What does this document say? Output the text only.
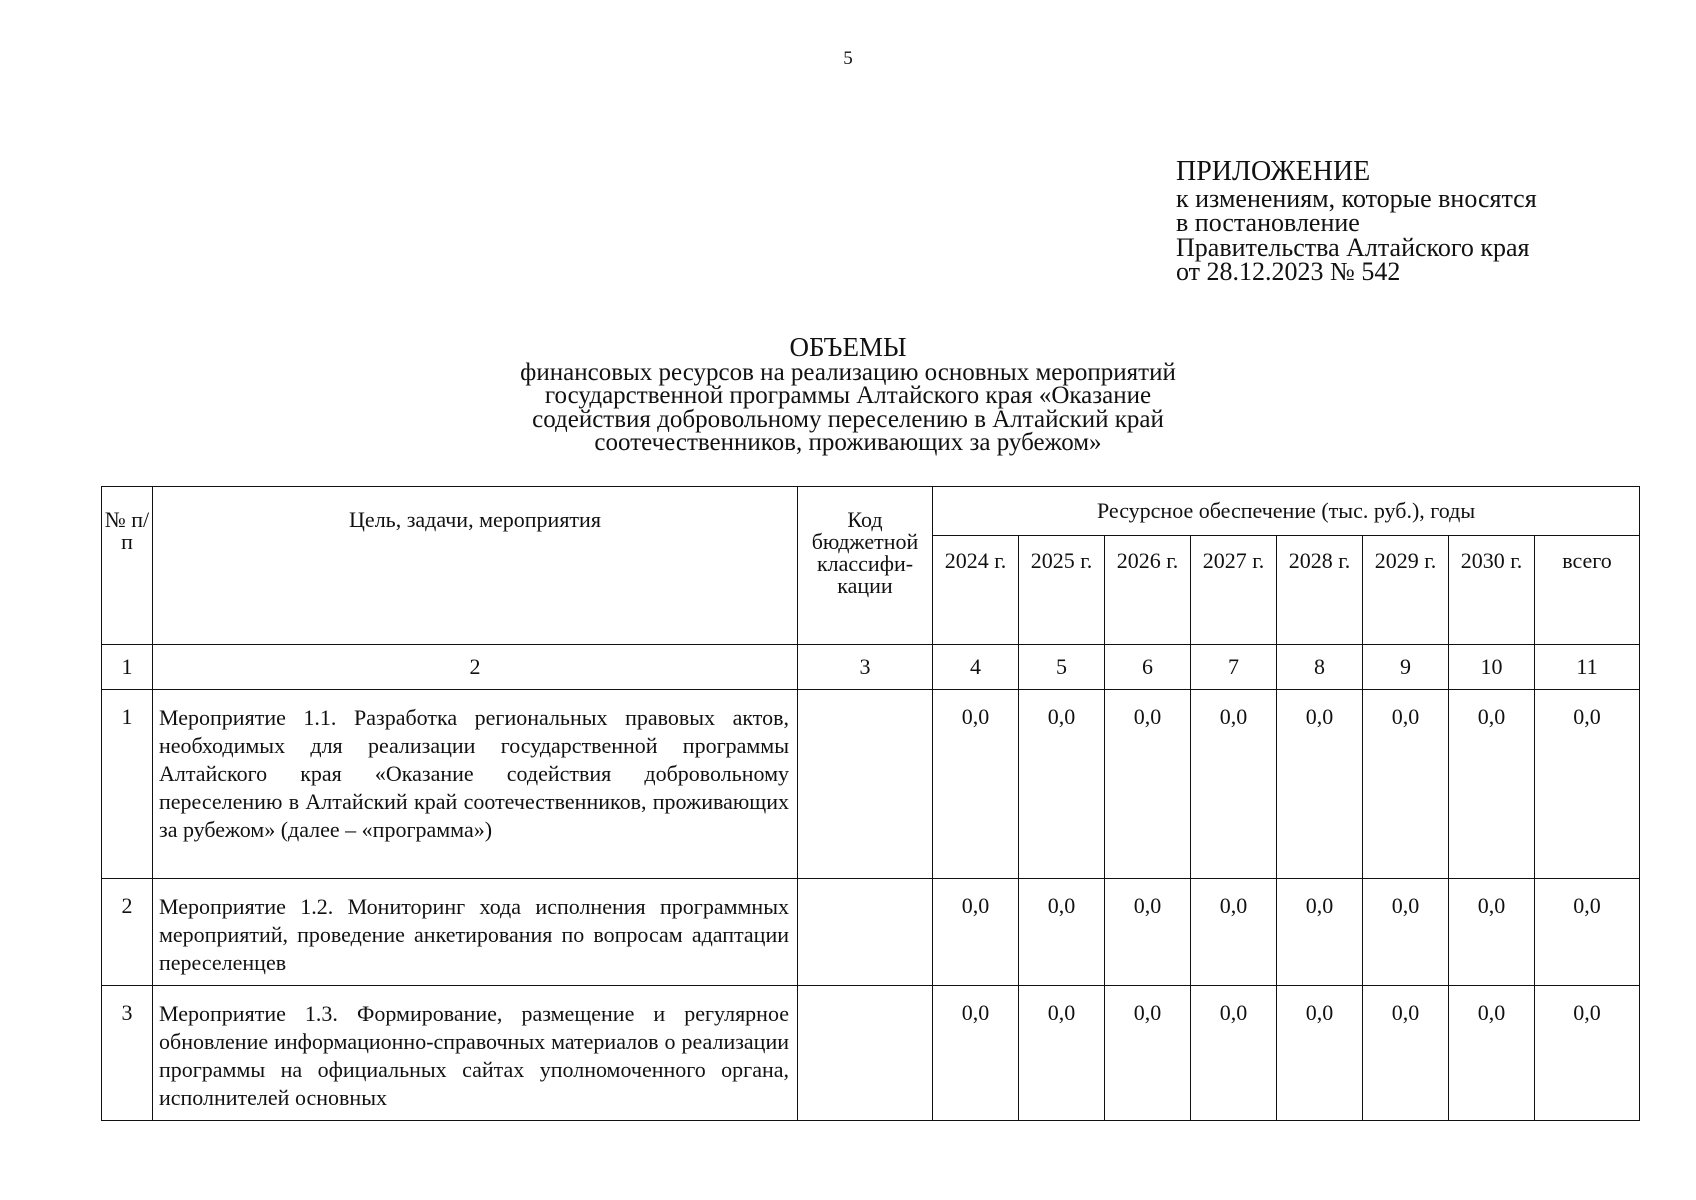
5
ПРИЛОЖЕНИЕ
к изменениям, которые вносятся
в постановление
Правительства Алтайского края
от 28.12.2023 № 542
ОБЪЕМЫ
финансовых ресурсов на реализацию основных мероприятий
государственной программы Алтайского края «Оказание
содействия добровольному переселению в Алтайский край
соотечественников, проживающих за рубежом»
№ п/п	Цель, задачи, мероприятия	Код бюджетной классифи-кации	Ресурсное обеспечение (тыс. руб.), годы							
			2024 г.	2025 г.	2026 г.	2027 г.	2028 г.	2029 г.	2030 г.	всего
1	2	3	4	5	6	7	8	9	10	11
1	Мероприятие 1.1. Разработка региональных правовых актов, необходимых для реализации государственной программы Алтайского края «Оказание содействия добровольному переселению в Алтайский край соотечественников, проживающих за рубежом» (далее – «программа»)		0,0	0,0	0,0	0,0	0,0	0,0	0,0	0,0
2	Мероприятие 1.2. Мониторинг хода исполнения программных мероприятий, проведение анкетирования по вопросам адаптации переселенцев		0,0	0,0	0,0	0,0	0,0	0,0	0,0	0,0
3	Мероприятие 1.3. Формирование, размещение и регулярное обновление информационно-справочных материалов о реализации программы на официальных сайтах уполномоченного органа, исполнителей основных		0,0	0,0	0,0	0,0	0,0	0,0	0,0	0,0
